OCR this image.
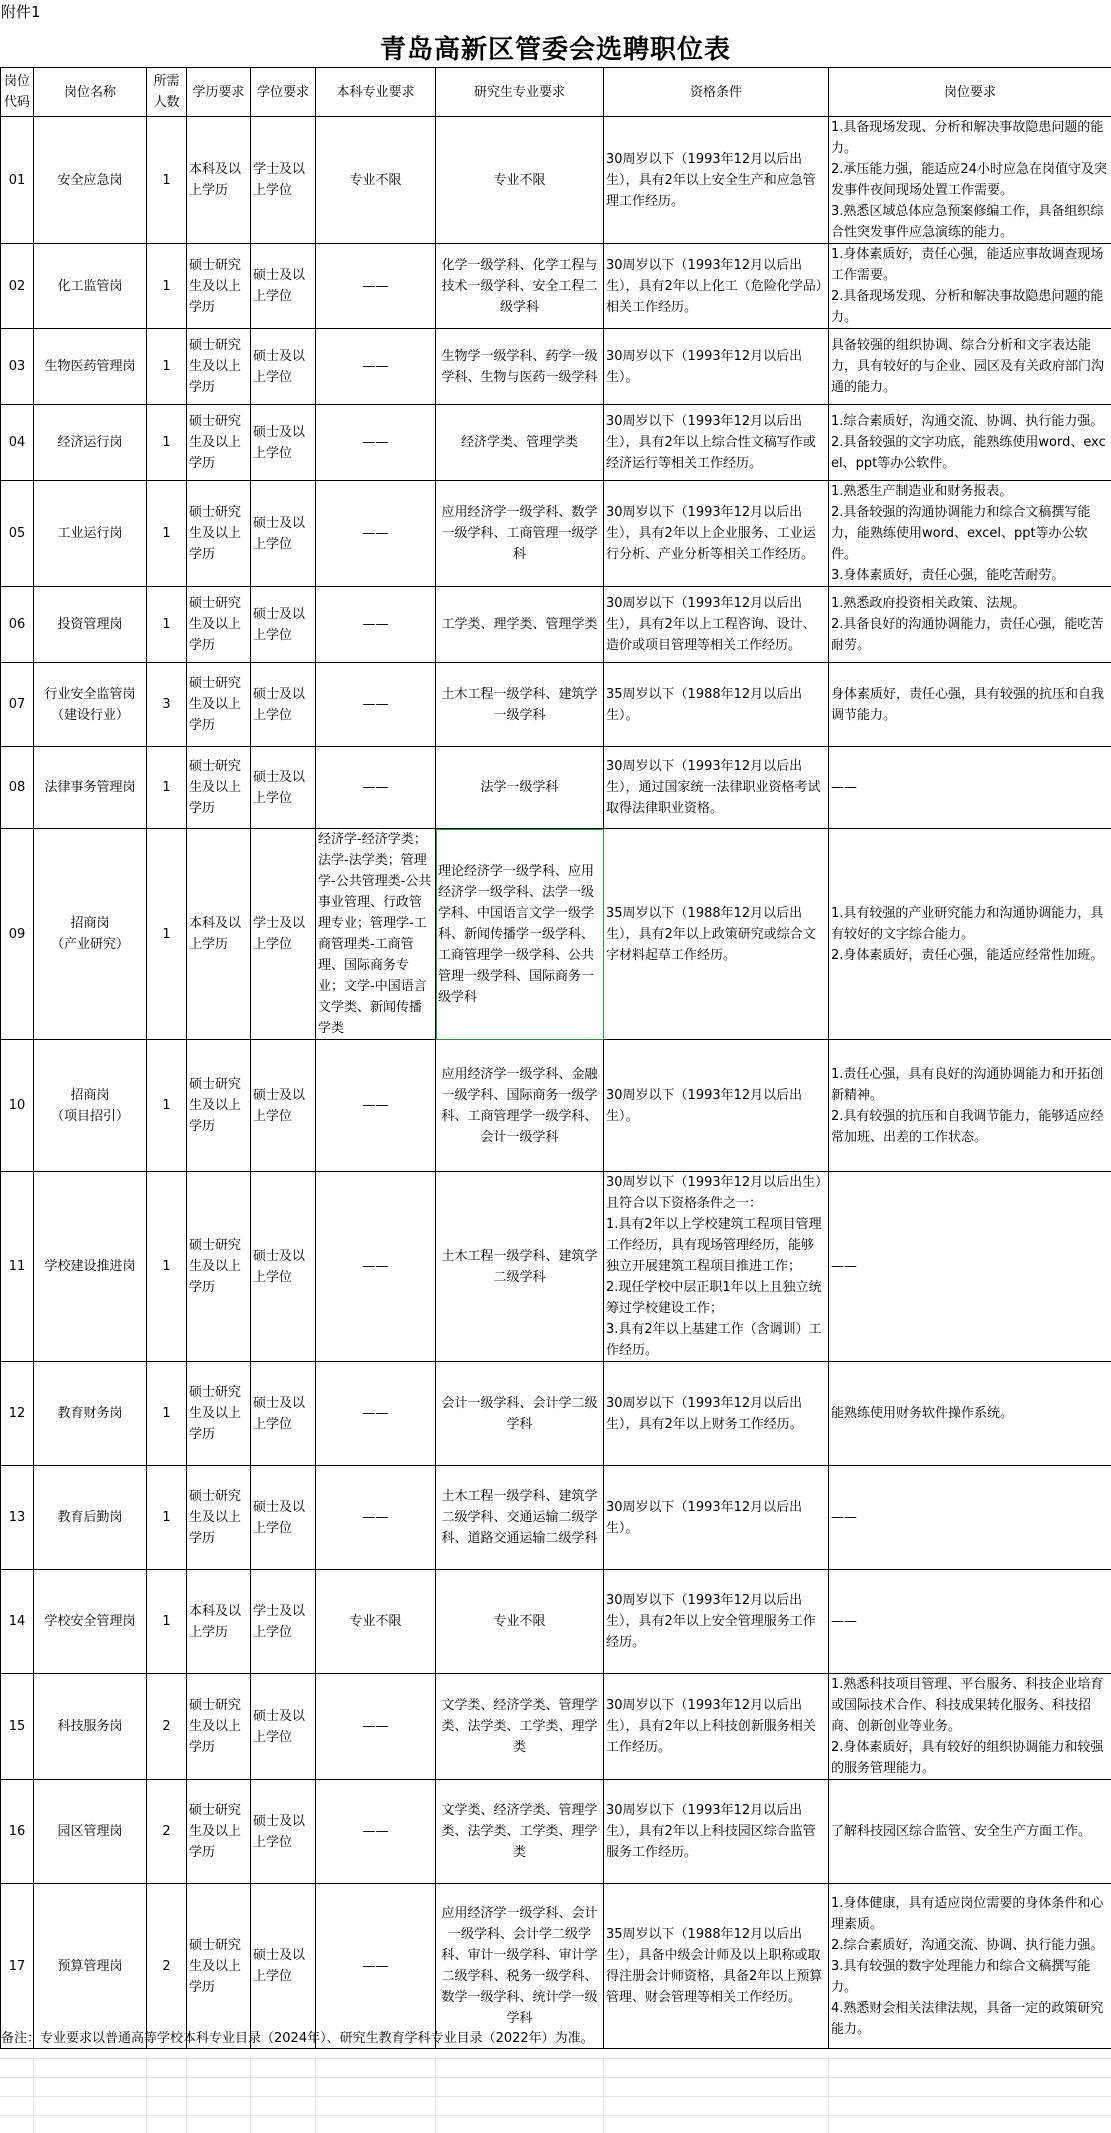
附件1
青岛高新区管委会选聘职位表
岗位
代码	岗位名称	所需
人数	学历要求	学位要求	本科专业要求	研究生专业要求	资格条件	岗位要求
01	安全应急岗	1	本科及以上学历	学士及以上学位	专业不限	专业不限	30周岁以下（1993年12月以后出生），具有2年以上安全生产和应急管理工作经历。	1.具备现场发现、分析和解决事故隐患问题的能力。
2.承压能力强，能适应24小时应急在岗值守及突发事件夜间现场处置工作需要。
3.熟悉区域总体应急预案修编工作，具备组织综合性突发事件应急演练的能力。
02	化工监管岗	1	硕士研究生及以上学历	硕士及以上学位	——	化学一级学科、化学工程与技术一级学科、安全工程二级学科	30周岁以下（1993年12月以后出生），具有2年以上化工（危险化学品）相关工作经历。	1.身体素质好，责任心强，能适应事故调查现场工作需要。
2.具备现场发现、分析和解决事故隐患问题的能力。
03	生物医药管理岗	1	硕士研究生及以上学历	硕士及以上学位	——	生物学一级学科、药学一级学科、生物与医药一级学科	30周岁以下（1993年12月以后出生）。	具备较强的组织协调、综合分析和文字表达能力，具有较好的与企业、园区及有关政府部门沟通的能力。
04	经济运行岗	1	硕士研究生及以上学历	硕士及以上学位	——	经济学类、管理学类	30周岁以下（1993年12月以后出生），具有2年以上综合性文稿写作或经济运行等相关工作经历。	1.综合素质好，沟通交流、协调、执行能力强。
2.具备较强的文字功底，能熟练使用word、excel、ppt等办公软件。
05	工业运行岗	1	硕士研究生及以上学历	硕士及以上学位	——	应用经济学一级学科、数学一级学科、工商管理一级学科	30周岁以下（1993年12月以后出生），具有2年以上企业服务、工业运行分析、产业分析等相关工作经历。	1.熟悉生产制造业和财务报表。
2.具备较强的沟通协调能力和综合文稿撰写能力，能熟练使用word、excel、ppt等办公软件。
3.身体素质好，责任心强，能吃苦耐劳。
06	投资管理岗	1	硕士研究生及以上学历	硕士及以上学位	——	工学类、理学类、管理学类	30周岁以下（1993年12月以后出生），具有2年以上工程咨询、设计、造价或项目管理等相关工作经历。	1.熟悉政府投资相关政策、法规。
2.具备良好的沟通协调能力，责任心强，能吃苦耐劳。
07	行业安全监管岗
（建设行业）	3	硕士研究生及以上学历	硕士及以上学位	——	土木工程一级学科、建筑学一级学科	35周岁以下（1988年12月以后出生）。	身体素质好，责任心强，具有较强的抗压和自我调节能力。
08	法律事务管理岗	1	硕士研究生及以上学历	硕士及以上学位	——	法学一级学科	30周岁以下（1993年12月以后出生），通过国家统一法律职业资格考试取得法律职业资格。	——
09	招商岗
（产业研究）	1	本科及以上学历	学士及以上学位	经济学-经济学类；法学-法学类；管理学-公共管理类-公共事业管理、行政管理专业；管理学-工商管理类-工商管理、国际商务专业；文学-中国语言文学类、新闻传播学类	理论经济学一级学科、应用经济学一级学科、法学一级学科、中国语言文学一级学科、新闻传播学一级学科、工商管理学一级学科、公共管理一级学科、国际商务一级学科	35周岁以下（1988年12月以后出生），具有2年以上政策研究或综合文字材料起草工作经历。	1.具有较强的产业研究能力和沟通协调能力，具有较好的文字综合能力。
2.身体素质好，责任心强，能适应经常性加班。
10	招商岗
（项目招引）	1	硕士研究生及以上学历	硕士及以上学位	——	应用经济学一级学科、金融一级学科、国际商务一级学科、工商管理学一级学科、会计一级学科	30周岁以下（1993年12月以后出生）。	1.责任心强，具有良好的沟通协调能力和开拓创新精神。
2.具有较强的抗压和自我调节能力，能够适应经常加班、出差的工作状态。
11	学校建设推进岗	1	硕士研究生及以上学历	硕士及以上学位	——	土木工程一级学科、建筑学二级学科	30周岁以下（1993年12月以后出生）且符合以下资格条件之一：
1.具有2年以上学校建筑工程项目管理工作经历，具有现场管理经历，能够独立开展建筑工程项目推进工作；
2.现任学校中层正职1年以上且独立统筹过学校建设工作；
3.具有2年以上基建工作（含调训）工作经历。	——
12	教育财务岗	1	硕士研究生及以上学历	硕士及以上学位	——	会计一级学科、会计学二级学科	30周岁以下（1993年12月以后出生），具有2年以上财务工作经历。	能熟练使用财务软件操作系统。
13	教育后勤岗	1	硕士研究生及以上学历	硕士及以上学位	——	土木工程一级学科、建筑学二级学科、交通运输二级学科、道路交通运输二级学科	30周岁以下（1993年12月以后出生）。	——
14	学校安全管理岗	1	本科及以上学历	学士及以上学位	专业不限	专业不限	30周岁以下（1993年12月以后出生），具有2年以上安全管理服务工作经历。	——
15	科技服务岗	2	硕士研究生及以上学历	硕士及以上学位	——	文学类、经济学类、管理学类、法学类、工学类、理学类	30周岁以下（1993年12月以后出生），具有2年以上科技创新服务相关工作经历。	1.熟悉科技项目管理、平台服务、科技企业培育或国际技术合作、科技成果转化服务、科技招商、创新创业等业务。
2.身体素质好，具有较好的组织协调能力和较强的服务管理能力。
16	园区管理岗	2	硕士研究生及以上学历	硕士及以上学位	——	文学类、经济学类、管理学类、法学类、工学类、理学类	30周岁以下（1993年12月以后出生），具有2年以上科技园区综合监管服务工作经历。	了解科技园区综合监管、安全生产方面工作。
17	预算管理岗	2	硕士研究生及以上学历	硕士及以上学位	——	应用经济学一级学科、会计一级学科、会计学二级学科、审计一级学科、审计学二级学科、税务一级学科、数学一级学科、统计学一级学科	35周岁以下（1988年12月以后出生），具备中级会计师及以上职称或取得注册会计师资格，具备2年以上预算管理、财会管理等相关工作经历。	1.身体健康，具有适应岗位需要的身体条件和心理素质。
2.综合素质好，沟通交流、协调、执行能力强。
3.具有较强的数字处理能力和综合文稿撰写能力。
4.熟悉财会相关法律法规，具备一定的政策研究能力。
备注：专业要求以普通高等学校本科专业目录（2024年）、研究生教育学科专业目录（2022年）为准。
